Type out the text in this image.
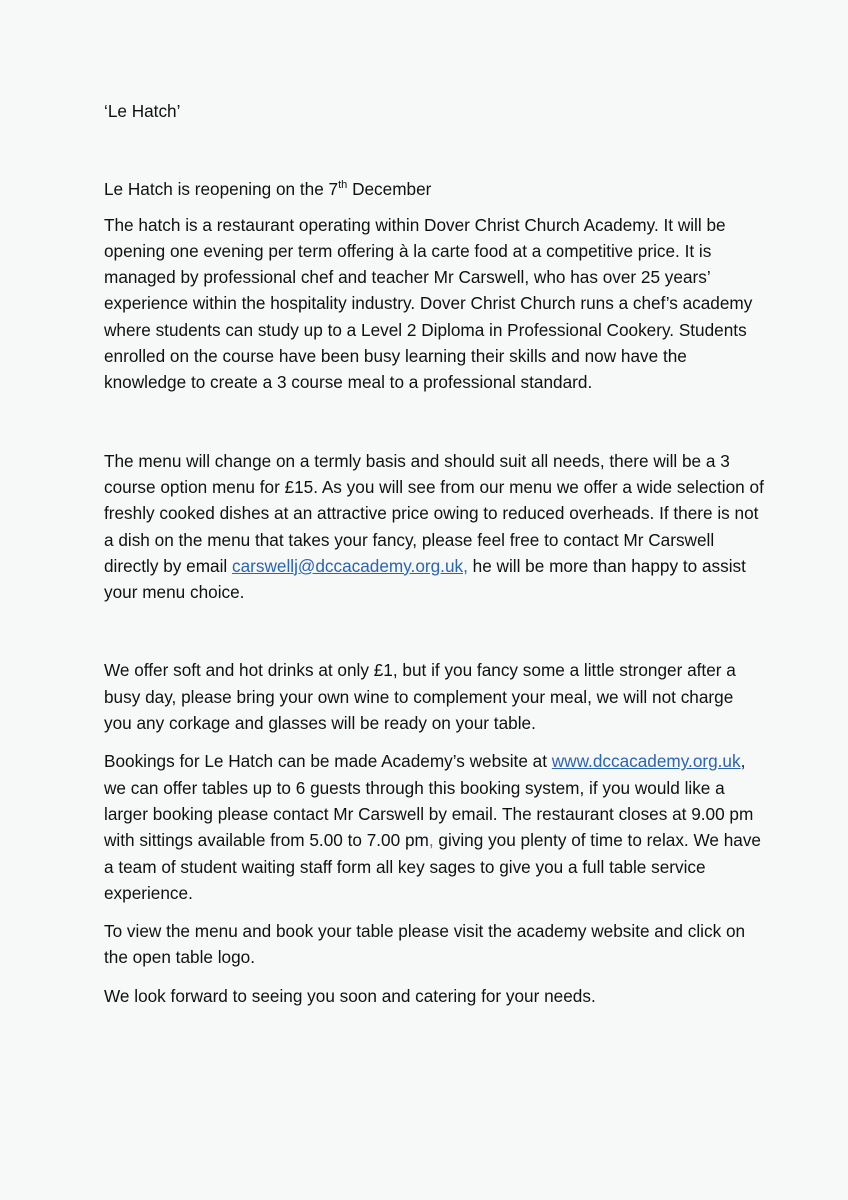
‘Le Hatch’

Le Hatch is reopening on the 7th December

The hatch is a restaurant operating within Dover Christ Church Academy. It will be opening one evening per term offering à la carte food at a competitive price. It is managed by professional chef and teacher Mr Carswell, who has over 25 years’ experience within the hospitality industry. Dover Christ Church runs a chef’s academy where students can study up to a Level 2 Diploma in Professional Cookery. Students enrolled on the course have been busy learning their skills and now have the knowledge to create a 3 course meal to a professional standard.

The menu will change on a termly basis and should suit all needs, there will be a 3 course option menu for £15. As you will see from our menu we offer a wide selection of freshly cooked dishes at an attractive price owing to reduced overheads. If there is not a dish on the menu that takes your fancy, please feel free to contact Mr Carswell directly by email carswellj@dccacademy.org.uk, he will be more than happy to assist your menu choice.

We offer soft and hot drinks at only £1, but if you fancy some a little stronger after a busy day, please bring your own wine to complement your meal, we will not charge you any corkage and glasses will be ready on your table.

Bookings for Le Hatch can be made Academy’s website at www.dccacademy.org.uk, we can offer tables up to 6 guests through this booking system, if you would like a larger booking please contact Mr Carswell by email. The restaurant closes at 9.00 pm with sittings available from 5.00 to 7.00 pm, giving you plenty of time to relax. We have a team of student waiting staff form all key sages to give you a full table service experience.

To view the menu and book your table please visit the academy website and click on the open table logo.

We look forward to seeing you soon and catering for your needs.
